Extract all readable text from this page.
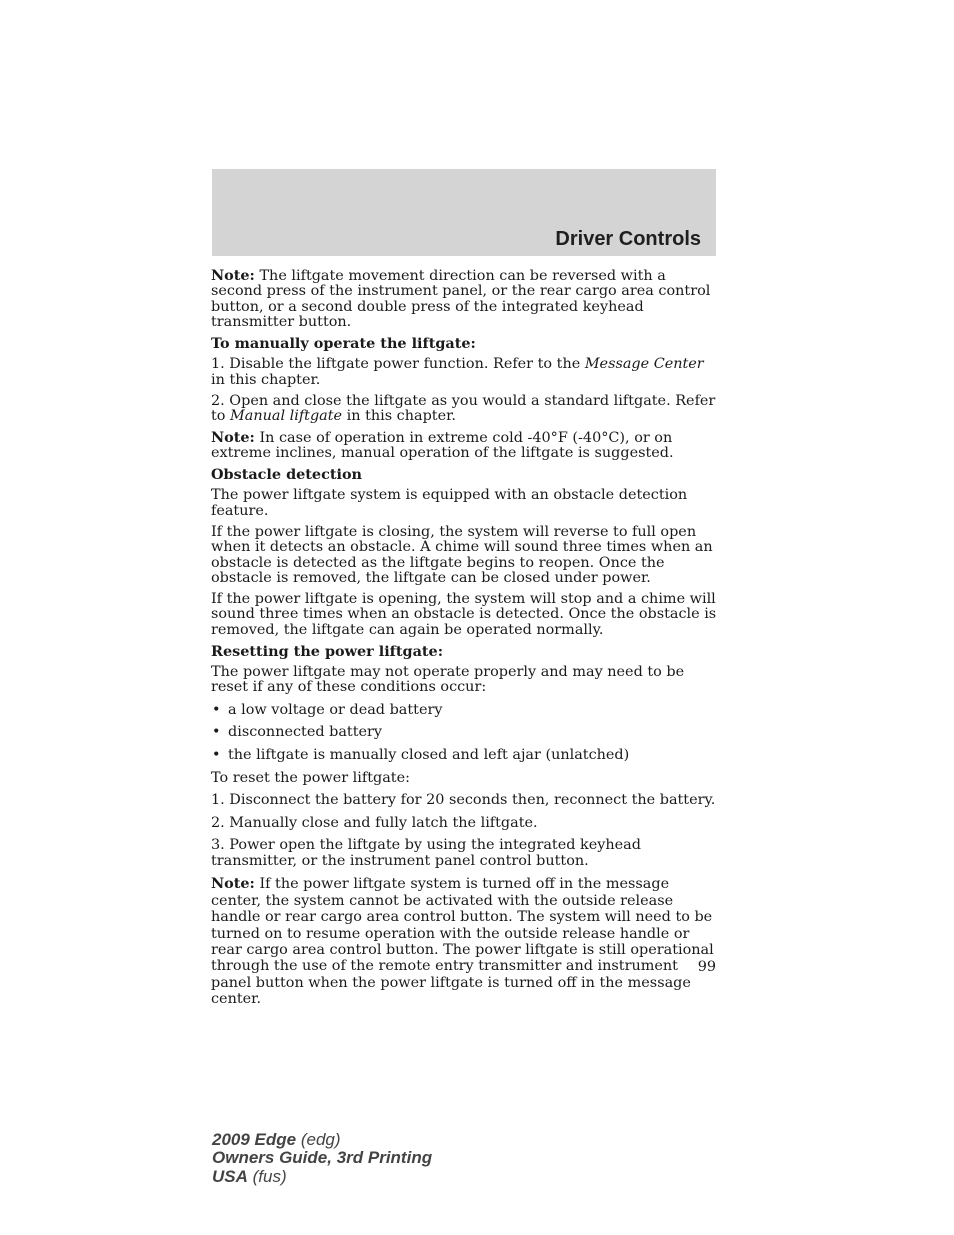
Driver Controls

Note: The liftgate movement direction can be reversed with a second press of the instrument panel, or the rear cargo area control button, or a second double press of the integrated keyhead transmitter button.

To manually operate the liftgate:

1. Disable the liftgate power function. Refer to the Message Center in this chapter.

2. Open and close the liftgate as you would a standard liftgate. Refer to Manual liftgate in this chapter.

Note: In case of operation in extreme cold -40°F (-40°C), or on extreme inclines, manual operation of the liftgate is suggested.

Obstacle detection

The power liftgate system is equipped with an obstacle detection feature.

If the power liftgate is closing, the system will reverse to full open when it detects an obstacle. A chime will sound three times when an obstacle is detected as the liftgate begins to reopen. Once the obstacle is removed, the liftgate can be closed under power.

If the power liftgate is opening, the system will stop and a chime will sound three times when an obstacle is detected. Once the obstacle is removed, the liftgate can again be operated normally.

Resetting the power liftgate:

The power liftgate may not operate properly and may need to be reset if any of these conditions occur:

• a low voltage or dead battery
• disconnected battery
• the liftgate is manually closed and left ajar (unlatched)

To reset the power liftgate:

1. Disconnect the battery for 20 seconds then, reconnect the battery.

2. Manually close and fully latch the liftgate.

3. Power open the liftgate by using the integrated keyhead transmitter, or the instrument panel control button.

Note: If the power liftgate system is turned off in the message center, the system cannot be activated with the outside release handle or rear cargo area control button. The system will need to be turned on to resume operation with the outside release handle or rear cargo area control button. The power liftgate is still operational through the use of the remote entry transmitter and instrument panel button when the power liftgate is turned off in the message center.

99
2009 Edge (edg)
Owners Guide, 3rd Printing
USA (fus)
